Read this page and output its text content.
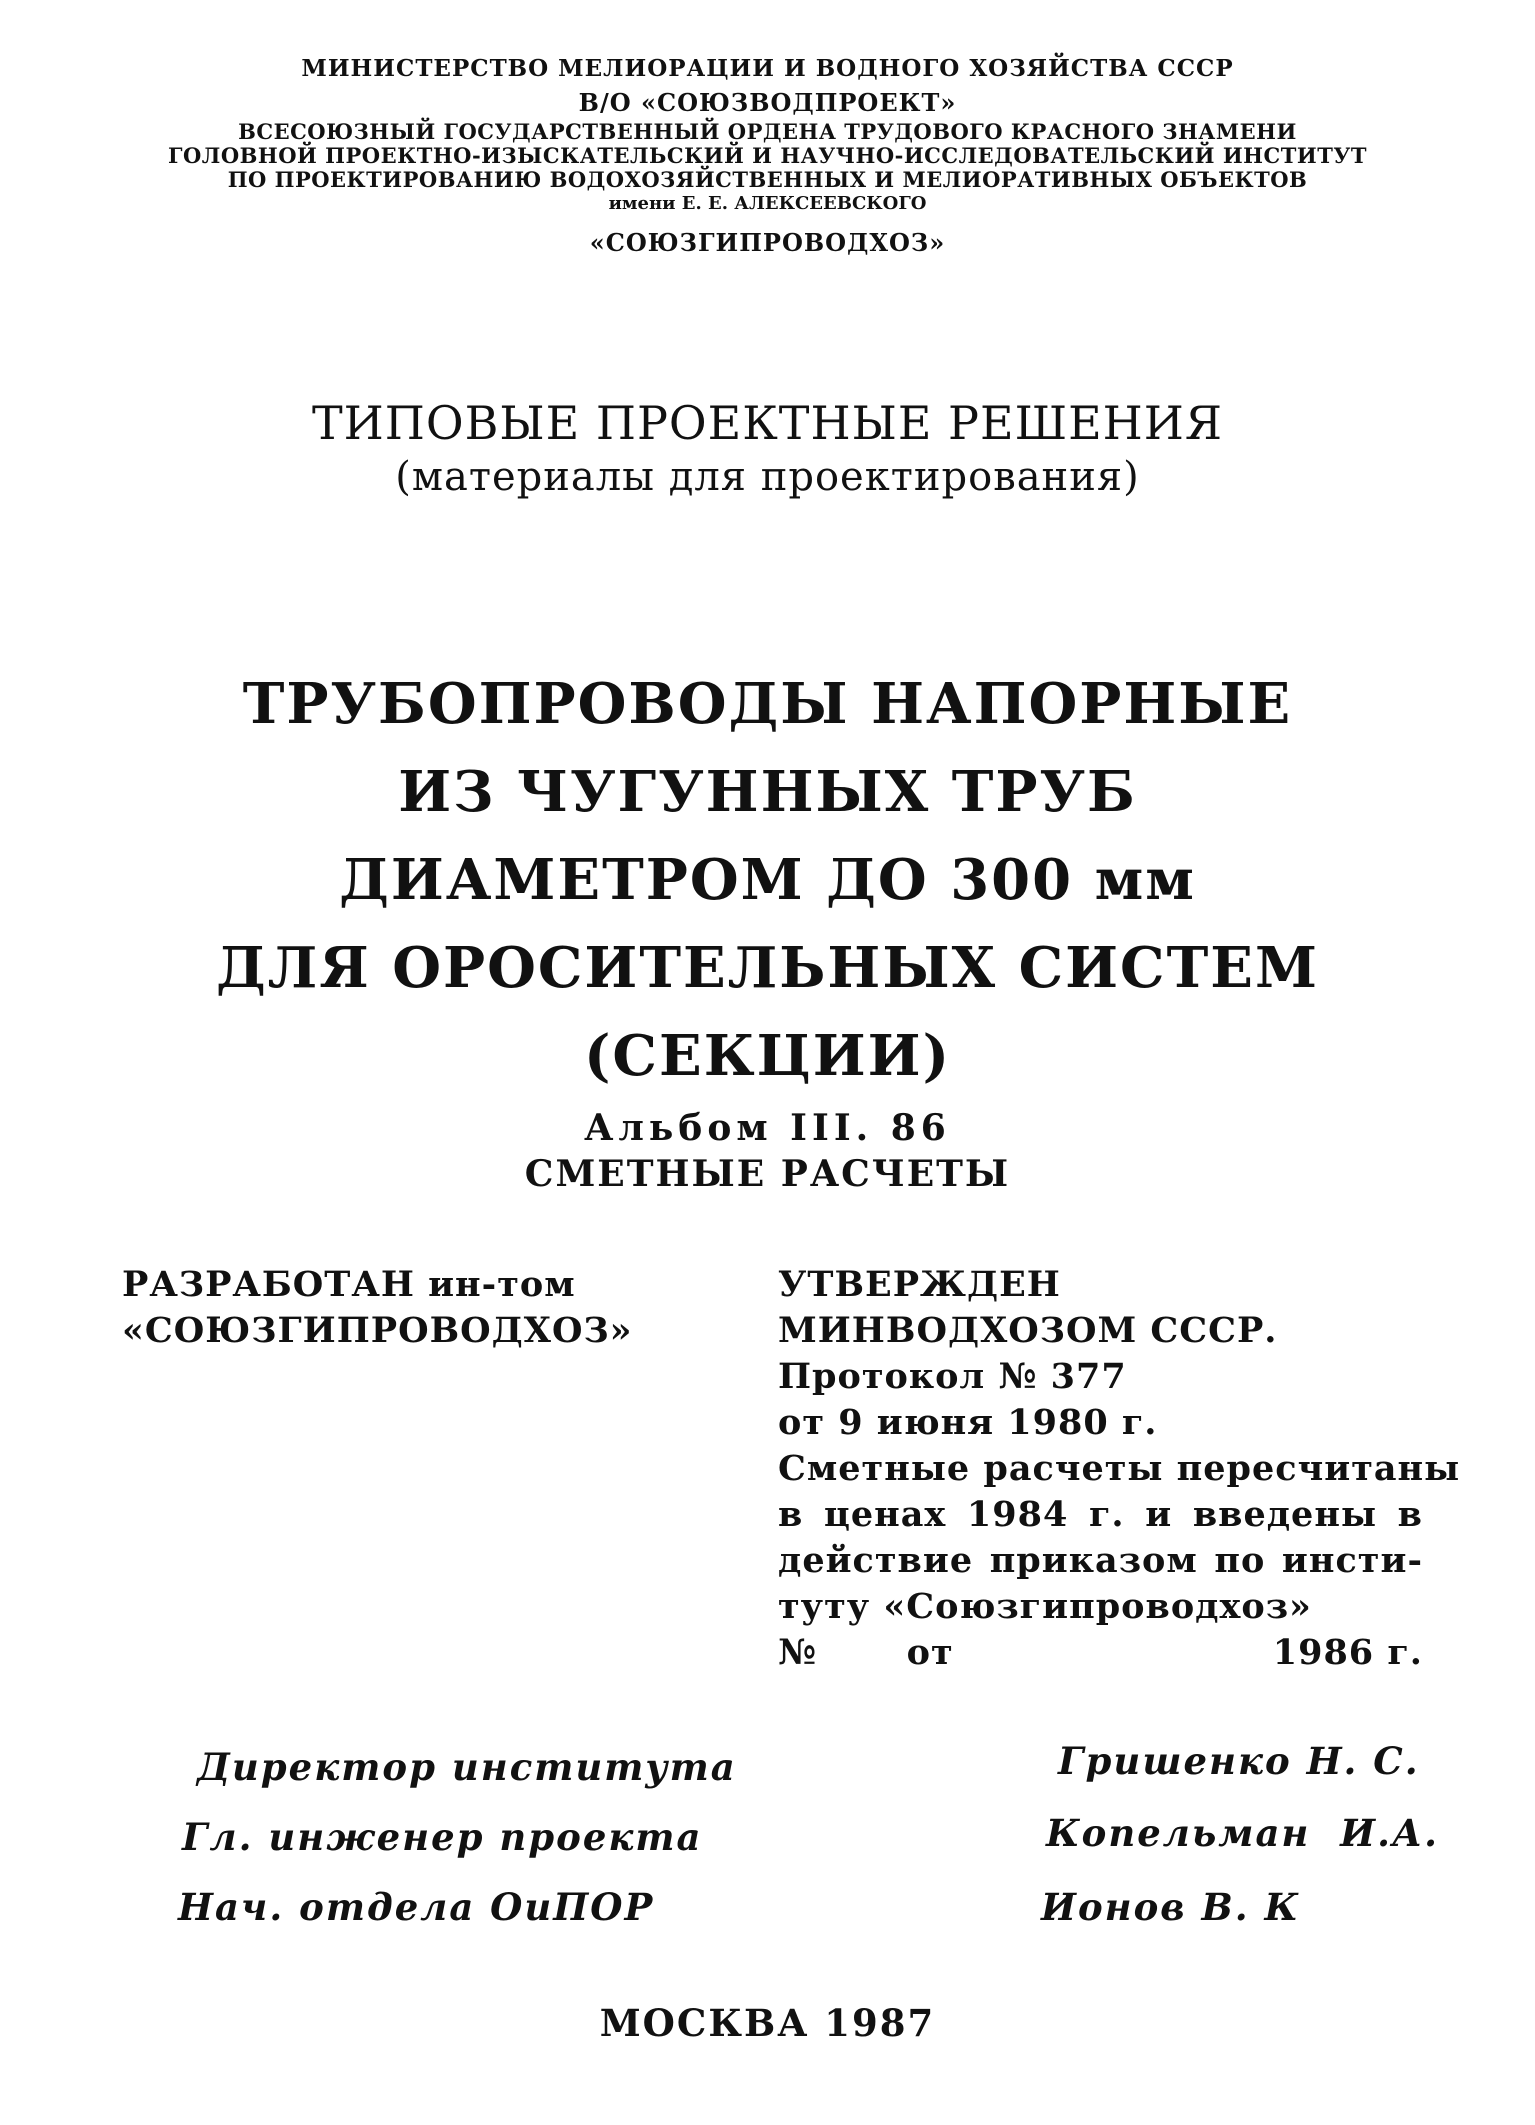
МИНИСТЕРСТВО МЕЛИОРАЦИИ И ВОДНОГО ХОЗЯЙСТВА СССР
В/О «СОЮЗВОДПРОЕКТ»
ВСЕСОЮЗНЫЙ ГОСУДАРСТВЕННЫЙ ОРДЕНА ТРУДОВОГО КРАСНОГО ЗНАМЕНИ
ГОЛОВНОЙ ПРОЕКТНО-ИЗЫСКАТЕЛЬСКИЙ И НАУЧНО-ИССЛЕДОВАТЕЛЬСКИЙ ИНСТИТУТ
ПО ПРОЕКТИРОВАНИЮ ВОДОХОЗЯЙСТВЕННЫХ И МЕЛИОРАТИВНЫХ ОБЪЕКТОВ
имени Е. Е. АЛЕКСЕЕВСКОГО
«СОЮЗГИПРОВОДХОЗ»
ТИПОВЫЕ ПРОЕКТНЫЕ РЕШЕНИЯ
(материалы для проектирования)
ТРУБОПРОВОДЫ НАПОРНЫЕ
ИЗ ЧУГУННЫХ ТРУБ
ДИАМЕТРОМ ДО 300 мм
ДЛЯ ОРОСИТЕЛЬНЫХ СИСТЕМ
(СЕКЦИИ)
Альбом III. 86
СМЕТНЫЕ РАСЧЕТЫ
РАЗРАБОТАН ин-том
«СОЮЗГИПРОВОДХОЗ»
УТВЕРЖДЕН
МИНВОДХОЗОМ СССР.
Протокол № 377
от 9 июня 1980 г.
Сметные расчеты пересчитаны
в ценах 1984 г. и введены в
действие приказом по инсти-
туту «Союзгипроводхоз»
№	от	1986 г.
Директор института	Гришенко Н. С.
Гл. инженер проекта	Копельман  И.А.
Нач. отдела ОиПОР	Ионов В. К
МОСКВА 1987
